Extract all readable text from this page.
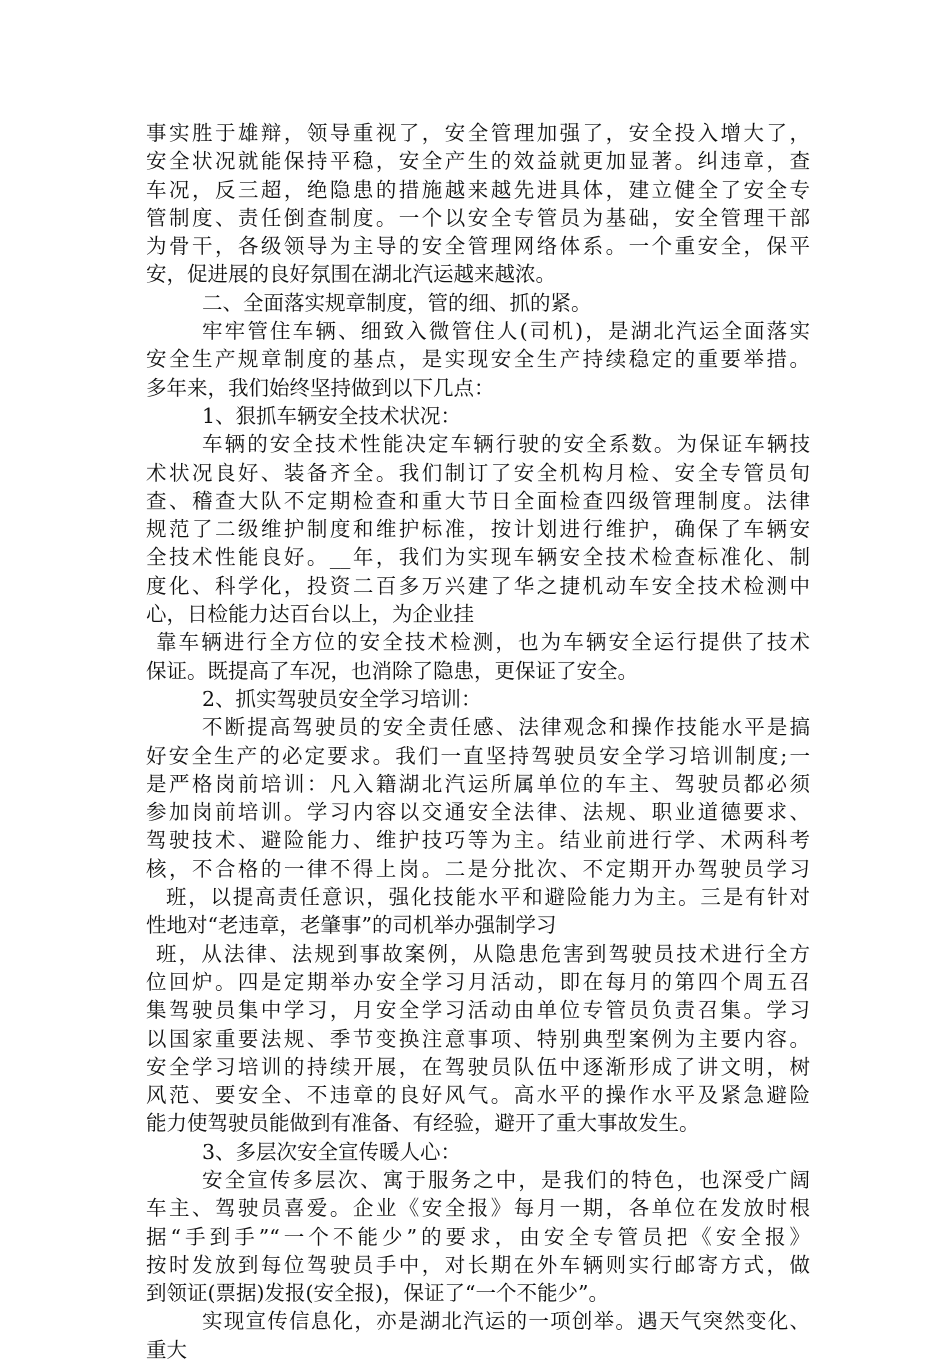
事实胜于雄辩，领导重视了，安全管理加强了，安全投入增大了，
安全状况就能保持平稳，安全产生的效益就更加显著。纠违章，查
车况，反三超，绝隐患的措施越来越先进具体，建立健全了安全专
管制度、责任倒查制度。一个以安全专管员为基础，安全管理干部
为骨干，各级领导为主导的安全管理网络体系。一个重安全，保平
安，促进展的良好氛围在湖北汽运越来越浓。
二、全面落实规章制度，管的细、抓的紧。
牢牢管住车辆、细致入微管住人(司机)，是湖北汽运全面落实
安全生产规章制度的基点，是实现安全生产持续稳定的重要举措。
多年来，我们始终坚持做到以下几点：
1、狠抓车辆安全技术状况：
车辆的安全技术性能决定车辆行驶的安全系数。为保证车辆技
术状况良好、装备齐全。我们制订了安全机构月检、安全专管员旬
查、稽查大队不定期检查和重大节日全面检查四级管理制度。法律
规范了二级维护制度和维护标准，按计划进行维护，确保了车辆安
全技术性能良好。__年，我们为实现车辆安全技术检查标准化、制
度化、科学化，投资二百多万兴建了华之捷机动车安全技术检测中
心，日检能力达百台以上，为企业挂
靠车辆进行全方位的安全技术检测，也为车辆安全运行提供了技术
保证。既提高了车况，也消除了隐患，更保证了安全。
2、抓实驾驶员安全学习培训：
不断提高驾驶员的安全责任感、法律观念和操作技能水平是搞
好安全生产的必定要求。我们一直坚持驾驶员安全学习培训制度;一
是严格岗前培训：凡入籍湖北汽运所属单位的车主、驾驶员都必须
参加岗前培训。学习内容以交通安全法律、法规、职业道德要求、
驾驶技术、避险能力、维护技巧等为主。结业前进行学、术两科考
核，不合格的一律不得上岗。二是分批次、不定期开办驾驶员学习
班，以提高责任意识，强化技能水平和避险能力为主。三是有针对
性地对“老违章，老肇事”的司机举办强制学习
班，从法律、法规到事故案例，从隐患危害到驾驶员技术进行全方
位回炉。四是定期举办安全学习月活动，即在每月的第四个周五召
集驾驶员集中学习，月安全学习活动由单位专管员负责召集。学习
以国家重要法规、季节变换注意事项、特别典型案例为主要内容。
安全学习培训的持续开展，在驾驶员队伍中逐渐形成了讲文明，树
风范、要安全、不违章的良好风气。高水平的操作水平及紧急避险
能力使驾驶员能做到有准备、有经验，避开了重大事故发生。
3、多层次安全宣传暖人心：
安全宣传多层次、寓于服务之中，是我们的特色，也深受广阔
车主、驾驶员喜爱。企业《安全报》每月一期，各单位在发放时根
据“手到手”“一个不能少”的要求，由安全专管员把《安全报》
按时发放到每位驾驶员手中，对长期在外车辆则实行邮寄方式，做
到领证(票据)发报(安全报)，保证了“一个不能少”。
实现宣传信息化，亦是湖北汽运的一项创举。遇天气突然变化、
重大
